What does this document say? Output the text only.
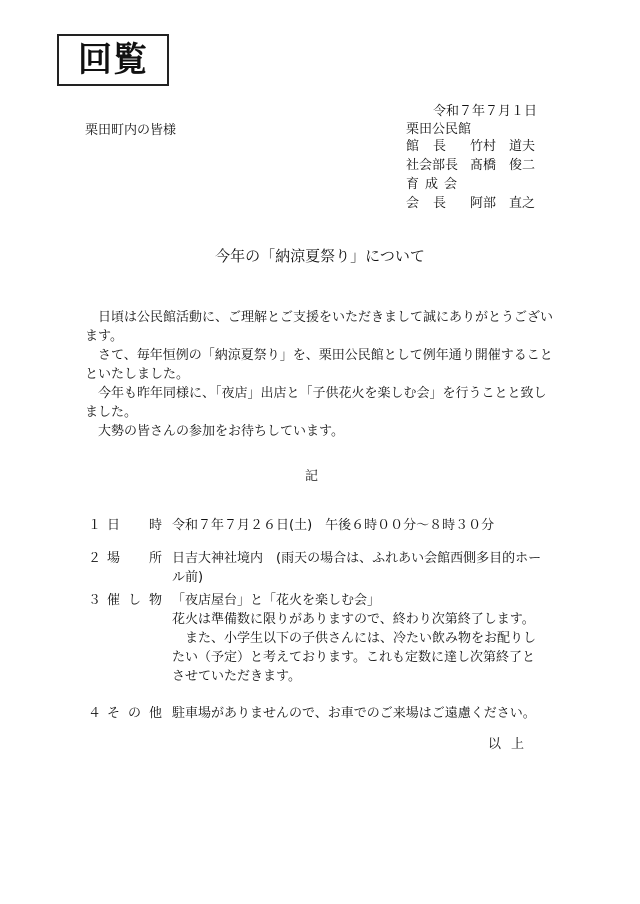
回覧
令和７年７月１日
栗田町内の皆様	栗田公民館
館長	竹村　道夫
社会部長	髙橋　俊二
育成会	
会長	阿部　直之
今年の「納涼夏祭り」について
日頃は公民館活動に、ご理解とご支援をいただきまして誠にありがとうございます。
さて、毎年恒例の「納涼夏祭り」を、栗田公民館として例年通り開催することといたしました。
今年も昨年同様に、「夜店」出店と「子供花火を楽しむ会」を行うことと致しました。
大勢の皆さんの参加をお待ちしています。
記
１ 日 時 令和７年７月２６日(土)　午後６時００分～８時３０分
２ 場 所 日吉大神社境内　(雨天の場合は、ふれあい会館西側多目的ホール前)
３ 催 し 物 「夜店屋台」と「花火を楽しむ会」
花火は準備数に限りがありますので、終わり次第終了します。
また、小学生以下の子供さんには、冷たい飲み物をお配りしたい（予定）と考えております。これも定数に達し次第終了とさせていただきます。
４ そ の 他 駐車場がありませんので、お車でのご来場はご遠慮ください。
以上
